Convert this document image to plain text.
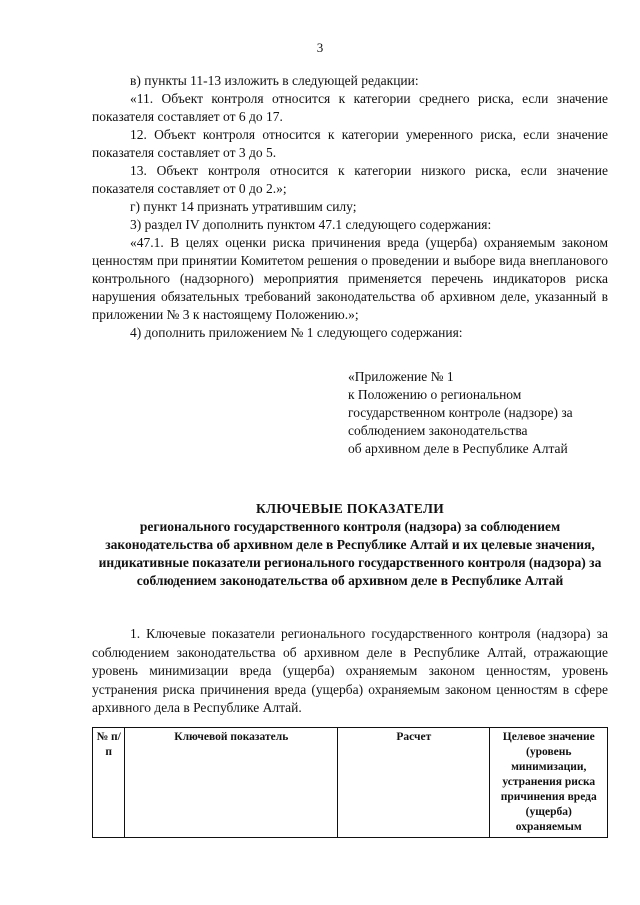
3

в) пункты 11-13 изложить в следующей редакции:

«11. Объект контроля относится к категории среднего риска, если значение показателя составляет от 6 до 17.

12. Объект контроля относится к категории умеренного риска, если значение показателя составляет от 3 до 5.

13. Объект контроля относится к категории низкого риска, если значение показателя составляет от 0 до 2.»;

г) пункт 14 признать утратившим силу;

3) раздел IV дополнить пунктом 47.1 следующего содержания:

«47.1. В целях оценки риска причинения вреда (ущерба) охраняемым законом ценностям при принятии Комитетом решения о проведении и выборе вида внепланового контрольного (надзорного) мероприятия применяется перечень индикаторов риска нарушения обязательных требований законодательства об архивном деле, указанный в приложении № 3 к настоящему Положению.»;

4) дополнить приложением № 1 следующего содержания:

«Приложение № 1
к Положению о региональном
государственном контроле (надзоре) за
соблюдением законодательства
об архивном деле в Республике Алтай
КЛЮЧЕВЫЕ ПОКАЗАТЕЛИ
регионального государственного контроля (надзора) за соблюдением законодательства об архивном деле в Республике Алтай и их целевые значения, индикативные показатели регионального государственного контроля (надзора) за соблюдением законодательства об архивном деле в Республике Алтай

1. Ключевые показатели регионального государственного контроля (надзора) за соблюдением законодательства об архивном деле в Республике Алтай, отражающие уровень минимизации вреда (ущерба) охраняемым законом ценностям, уровень устранения риска причинения вреда (ущерба) охраняемым законом ценностям в сфере архивного дела в Республике Алтай.

№ п/п	Ключевой показатель	Расчет	Целевое значение (уровень минимизации, устранения риска причинения вреда (ущерба) охраняемым
